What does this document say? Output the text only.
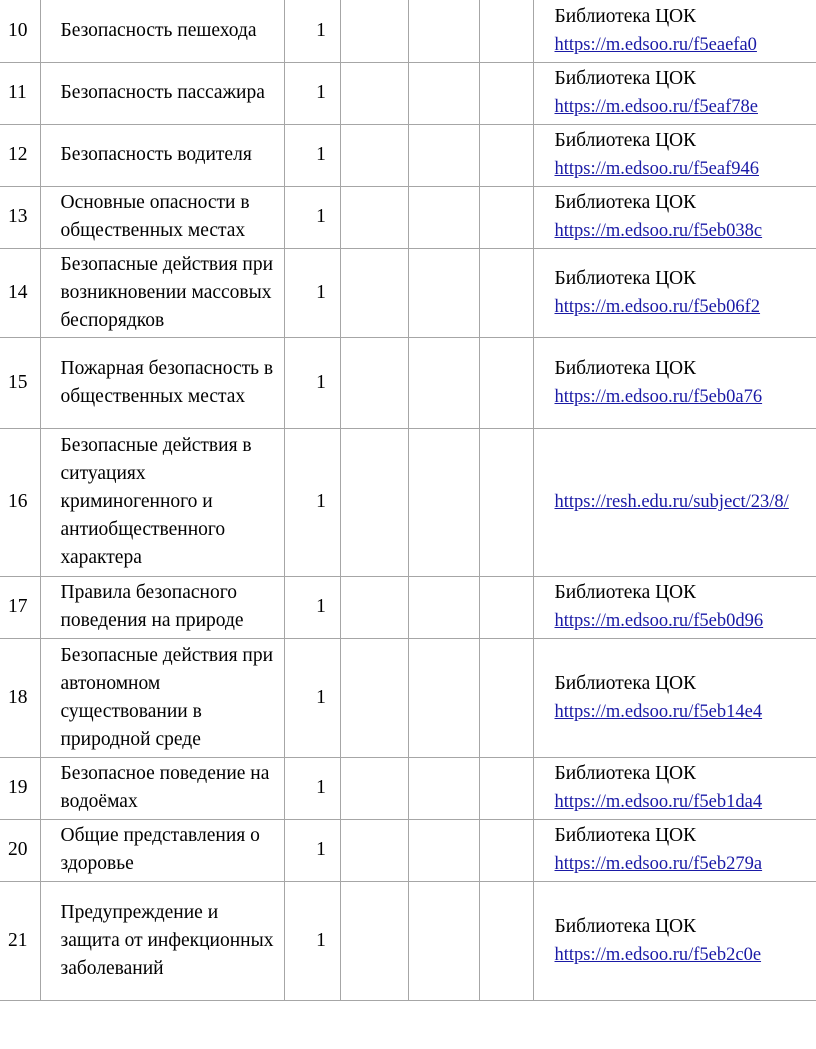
10	Безопасность пешехода	1				Библиотека ЦОК
https://m.edsoo.ru/f5eaefa0

11	Безопасность пассажира	1				Библиотека ЦОК
https://m.edsoo.ru/f5eaf78e

12	Безопасность водителя	1				Библиотека ЦОК
https://m.edsoo.ru/f5eaf946

13	Основные опасности в общественных местах	1				Библиотека ЦОК
https://m.edsoo.ru/f5eb038c

14	Безопасные действия при возникновении массовых беспорядков	1				Библиотека ЦОК
https://m.edsoo.ru/f5eb06f2

15	Пожарная безопасность в общественных местах	1				Библиотека ЦОК
https://m.edsoo.ru/f5eb0a76

16	Безопасные действия в ситуациях криминогенного и антиобщественного характера	1				https://resh.edu.ru/subject/23/8/

17	Правила безопасного поведения на природе	1				Библиотека ЦОК
https://m.edsoo.ru/f5eb0d96

18	Безопасные действия при автономном существовании в природной среде	1				Библиотека ЦОК
https://m.edsoo.ru/f5eb14e4

19	Безопасное поведение на водоёмах	1				Библиотека ЦОК
https://m.edsoo.ru/f5eb1da4

20	Общие представления о здоровье	1				Библиотека ЦОК
https://m.edsoo.ru/f5eb279a

21	Предупреждение и защита от инфекционных заболеваний	1				Библиотека ЦОК
https://m.edsoo.ru/f5eb2c0e
